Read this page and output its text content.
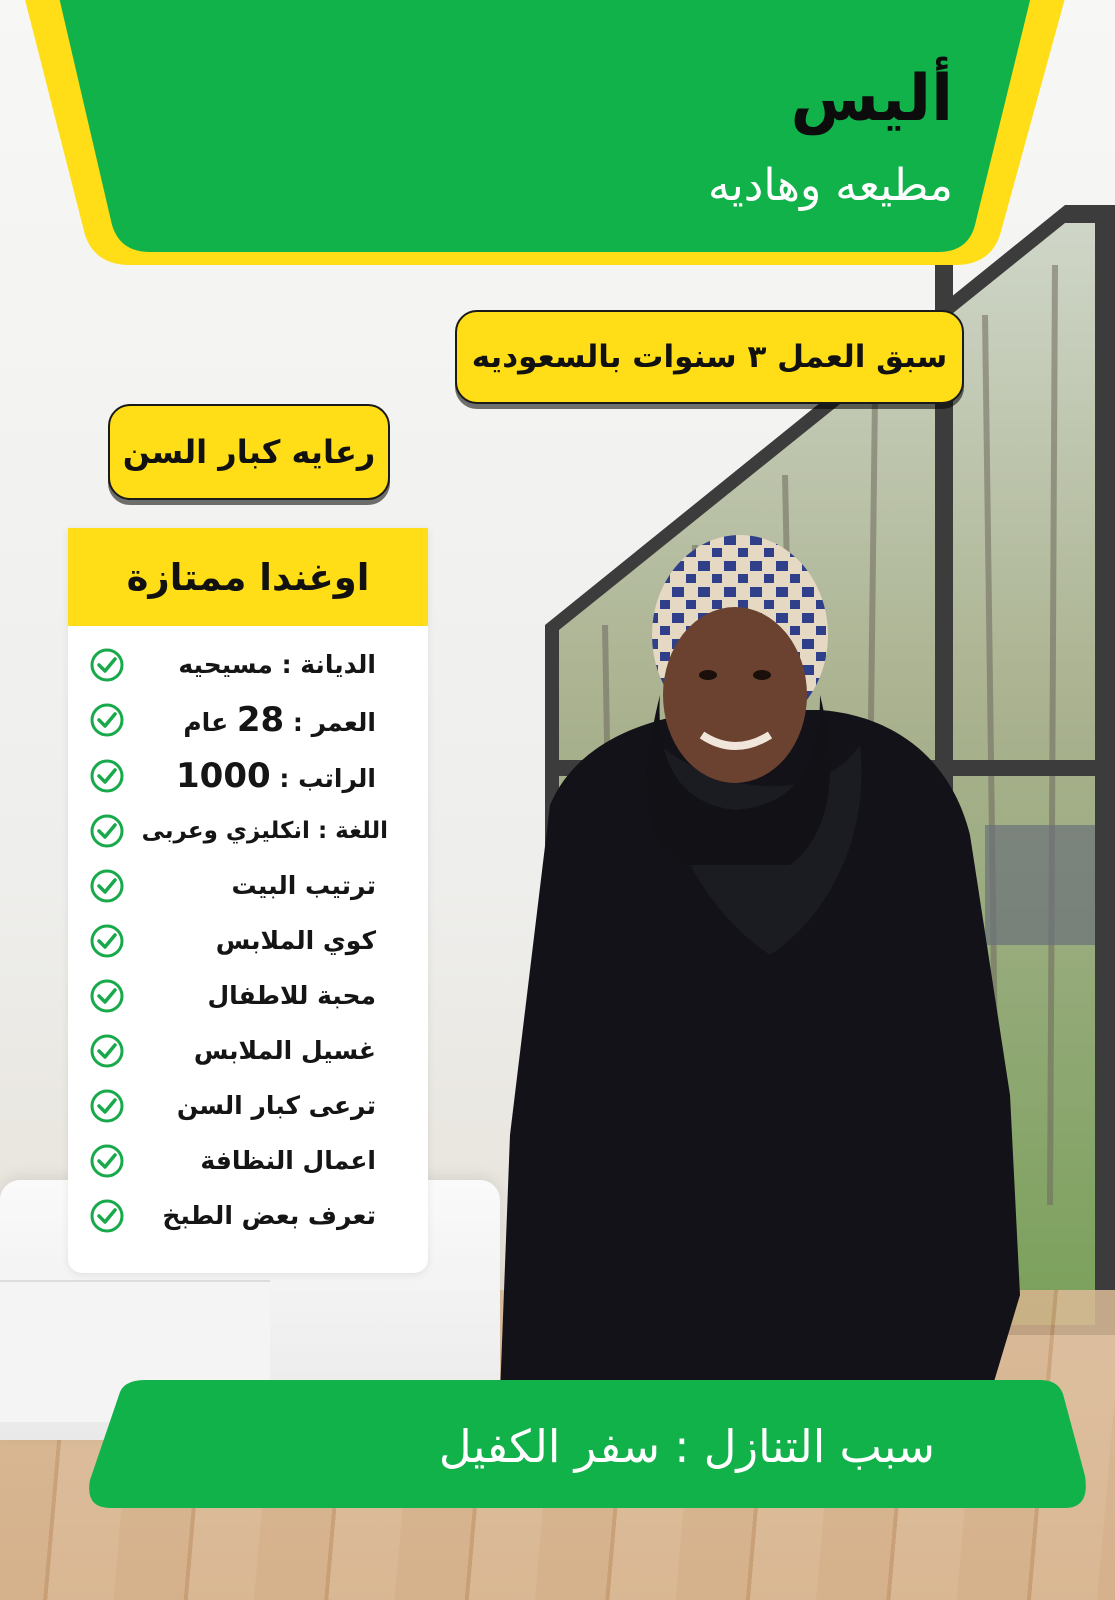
أليس
مطيعه وهاديه
سبق العمل ٣ سنوات بالسعوديه
رعايه كبار السن
اوغندا ممتازة
الديانة : مسيحيه
العمر : 28 عام
الراتب : 1000
اللغة : انكليزي وعربى
ترتيب البيت
كوي الملابس
محبة للاطفال
غسيل الملابس
ترعى كبار السن
اعمال النظافة
تعرف بعض الطبخ
سبب التنازل : سفر الكفيل
